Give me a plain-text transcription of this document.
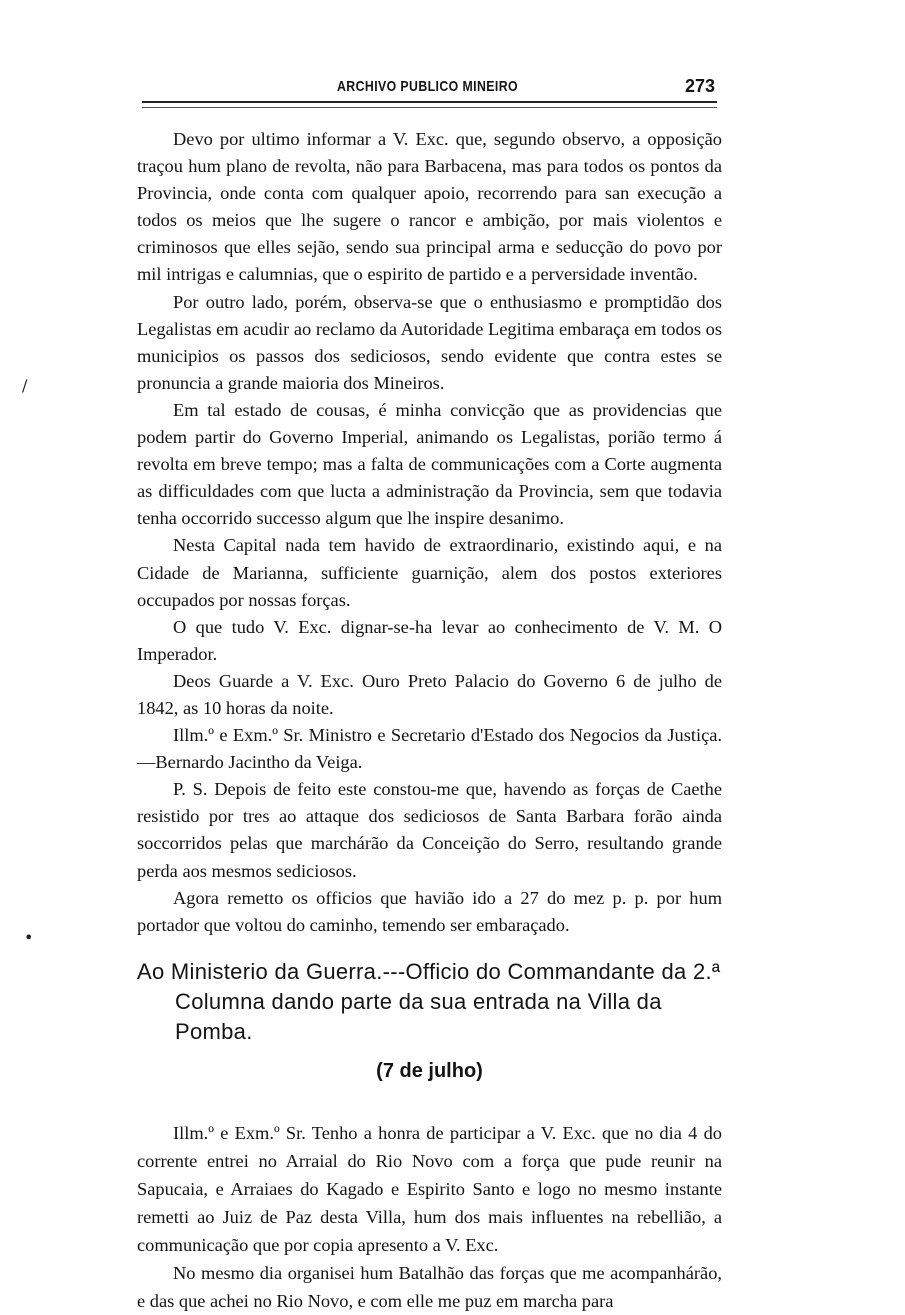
ARCHIVO PUBLICO MINEIRO	273

Devo por ultimo informar a V. Exc. que, segundo observo, a opposição traçou hum plano de revolta, não para Barbacena, mas para todos os pontos da Provincia, onde conta com qualquer apoio, recorrendo para san execução a todos os meios que lhe sugere o rancor e ambição, por mais violentos e criminosos que elles sejão, sendo sua principal arma e seducção do povo por mil intrigas e calumnias, que o espirito de partido e a perversidade inventão.

Por outro lado, porém, observa-se que o enthusiasmo e promptidão dos Legalistas em acudir ao reclamo da Autoridade Legitima embaraça em todos os municipios os passos dos sediciosos, sendo evidente que contra estes se pronuncia a grande maioria dos Mineiros.

Em tal estado de cousas, é minha convicção que as providencias que podem partir do Governo Imperial, animando os Legalistas, porião termo á revolta em breve tempo; mas a falta de communicações com a Corte augmenta as difficuldades com que lucta a administração da Provincia, sem que todavia tenha occorrido successo algum que lhe inspire desanimo.

Nesta Capital nada tem havido de extraordinario, existindo aqui, e na Cidade de Marianna, sufficiente guarnição, alem dos postos exteriores occupados por nossas forças.

O que tudo V. Exc. dignar-se-ha levar ao conhecimento de V. M. O Imperador.

Deos Guarde a V. Exc. Ouro Preto Palacio do Governo 6 de julho de 1842, as 10 horas da noite.

Illm.º e Exm.º Sr. Ministro e Secretario d'Estado dos Negocios da Justiça.—Bernardo Jacintho da Veiga.

P. S. Depois de feito este constou-me que, havendo as forças de Caethe resistido por tres ao attaque dos sediciosos de Santa Barbara forão ainda soccorridos pelas que marchárão da Conceição do Serro, resultando grande perda aos mesmos sediciosos.

Agora remetto os officios que havião ido a 27 do mez p. p. por hum portador que voltou do caminho, temendo ser embaraçado.

Ao Ministerio da Guerra.---Officio do Commandante da 2.ª
Columna dando parte da sua entrada na Villa da
Pomba.
(7 de julho)

Illm.º e Exm.º Sr. Tenho a honra de participar a V. Exc. que no dia 4 do corrente entrei no Arraial do Rio Novo com a força que pude reunir na Sapucaia, e Arraiaes do Kagado e Espirito Santo e logo no mesmo instante remetti ao Juiz de Paz desta Villa, hum dos mais influentes na rebellião, a communicação que por copia apresento a V. Exc.

No mesmo dia organisei hum Batalhão das forças que me acompanhárão, e das que achei no Rio Novo, e com elle me puz em marcha para

/
•
